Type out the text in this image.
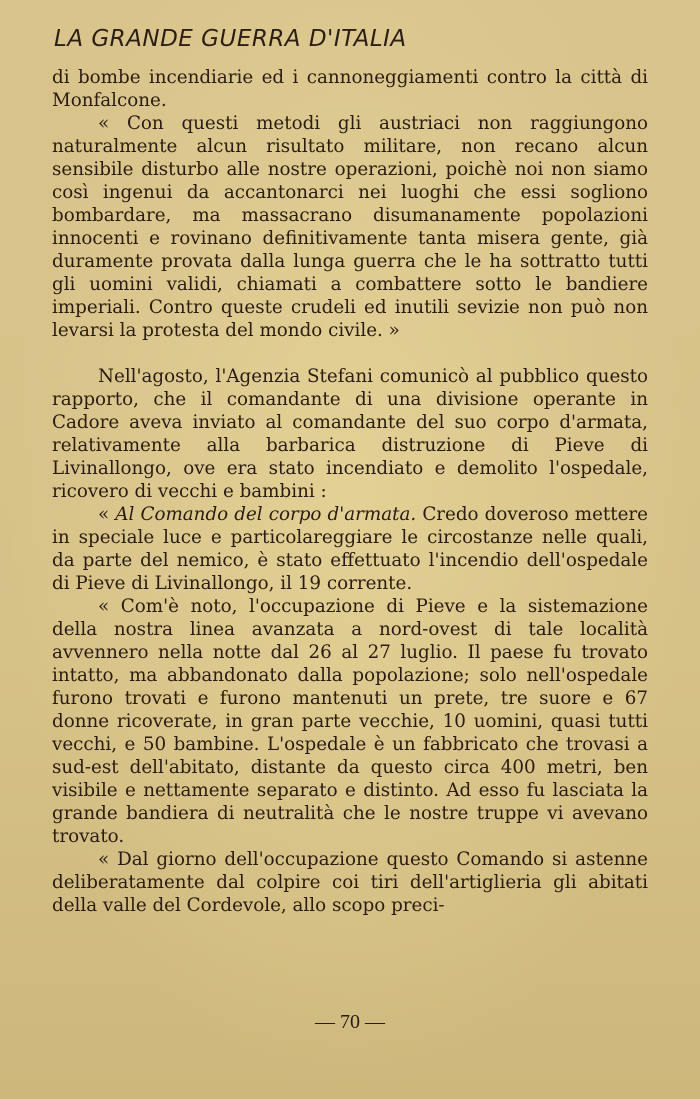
LA GRANDE GUERRA D'ITALIA

di bombe incendiarie ed i cannoneggiamenti contro la città di Monfalcone.

« Con questi metodi gli austriaci non raggiungono naturalmente alcun risultato militare, non recano alcun sensibile disturbo alle nostre operazioni, poichè noi non siamo così ingenui da accantonarci nei luoghi che essi sogliono bombardare, ma massacrano disumanamente popolazioni innocenti e rovinano definitivamente tanta misera gente, già duramente provata dalla lunga guerra che le ha sottratto tutti gli uomini validi, chiamati a combattere sotto le bandiere imperiali. Contro queste crudeli ed inutili sevizie non può non levarsi la protesta del mondo civile. »

Nell'agosto, l'Agenzia Stefani comunicò al pubblico questo rapporto, che il comandante di una divisione operante in Cadore aveva inviato al comandante del suo corpo d'armata, relativamente alla barbarica distruzione di Pieve di Livinallongo, ove era stato incendiato e demolito l'ospedale, ricovero di vecchi e bambini :

« Al Comando del corpo d'armata. Credo doveroso mettere in speciale luce e particolareggiare le circostanze nelle quali, da parte del nemico, è stato effettuato l'incendio dell'ospedale di Pieve di Livinallongo, il 19 corrente.

« Com'è noto, l'occupazione di Pieve e la sistemazione della nostra linea avanzata a nord-ovest di tale località avvennero nella notte dal 26 al 27 luglio. Il paese fu trovato intatto, ma abbandonato dalla popolazione; solo nell'ospedale furono trovati e furono mantenuti un prete, tre suore e 67 donne ricoverate, in gran parte vecchie, 10 uomini, quasi tutti vecchi, e 50 bambine. L'ospedale è un fabbricato che trovasi a sud-est dell'abitato, distante da questo circa 400 metri, ben visibile e nettamente separato e distinto. Ad esso fu lasciata la grande bandiera di neutralità che le nostre truppe vi avevano trovato.

« Dal giorno dell'occupazione questo Comando si astenne deliberatamente dal colpire coi tiri dell'artiglieria gli abitati della valle del Cordevole, allo scopo preci-

— 70 —
